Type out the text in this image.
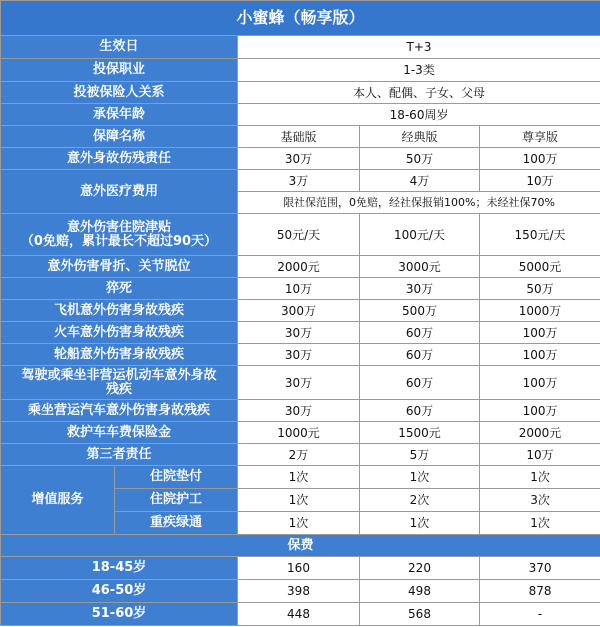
小蜜蜂（畅享版）				
生效日		T+3		
投保职业		1-3类		
投被保险人关系		本人、配偶、子女、父母		
承保年龄		18-60周岁		
保障名称		基础版	经典版	尊享版
意外身故伤残责任		30万	50万	100万
意外医疗费用		3万	4万	10万
		限社保范围，0免赔，经社保报销100%；未经社保70%		

意外伤害住院津贴
（0免赔，累计最长不超过90天）		50元/天	100元/天	150元/天
意外伤害骨折、关节脱位		2000元	3000元	5000元
猝死		10万	30万	50万
飞机意外伤害身故残疾		300万	500万	1000万
火车意外伤害身故残疾		30万	60万	100万
轮船意外伤害身故残疾		30万	60万	100万

驾驶或乘坐非营运机动车意外身故
残疾		30万	60万	100万
乘坐营运汽车意外伤害身故残疾		30万	60万	100万
救护车车费保险金		1000元	1500元	2000元
第三者责任		2万	5万	10万
增值服务	住院垫付	1次	1次	1次
	住院护工	1次	2次	3次
	重疾绿通	1次	1次	1次
保费				
18-45岁		160	220	370
46-50岁		398	498	878
51-60岁		448	568	-
